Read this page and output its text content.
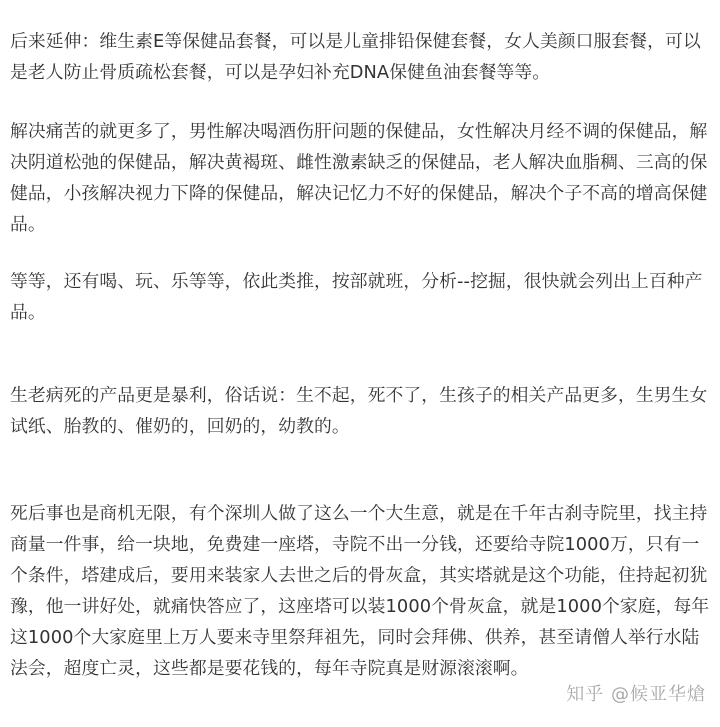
后来延伸：维生素E等保健品套餐，可以是儿童排铅保健套餐，女人美颜口服套餐，可以是老人防止骨质疏松套餐，可以是孕妇补充DNA保健鱼油套餐等等。

解决痛苦的就更多了，男性解决喝酒伤肝问题的保健品，女性解决月经不调的保健品，解决阴道松弛的保健品，解决黄褐斑、雌性激素缺乏的保健品，老人解决血脂稠、三高的保健品，小孩解决视力下降的保健品，解决记忆力不好的保健品，解决个子不高的增高保健品。

等等，还有喝、玩、乐等等，依此类推，按部就班，分析--挖掘，很快就会列出上百种产品。

生老病死的产品更是暴利，俗话说：生不起，死不了，生孩子的相关产品更多，生男生女试纸、胎教的、催奶的，回奶的，幼教的。

死后事也是商机无限，有个深圳人做了这么一个大生意，就是在千年古刹寺院里，找主持商量一件事，给一块地，免费建一座塔，寺院不出一分钱，还要给寺院1000万，只有一个条件，塔建成后，要用来装家人去世之后的骨灰盒，其实塔就是这个功能，住持起初犹豫，他一讲好处，就痛快答应了，这座塔可以装1000个骨灰盒，就是1000个家庭，每年这1000个大家庭里上万人要来寺里祭拜祖先，同时会拜佛、供养，甚至请僧人举行水陆法会，超度亡灵，这些都是要花钱的，每年寺院真是财源滚滚啊。

知乎 @候亚华熗
